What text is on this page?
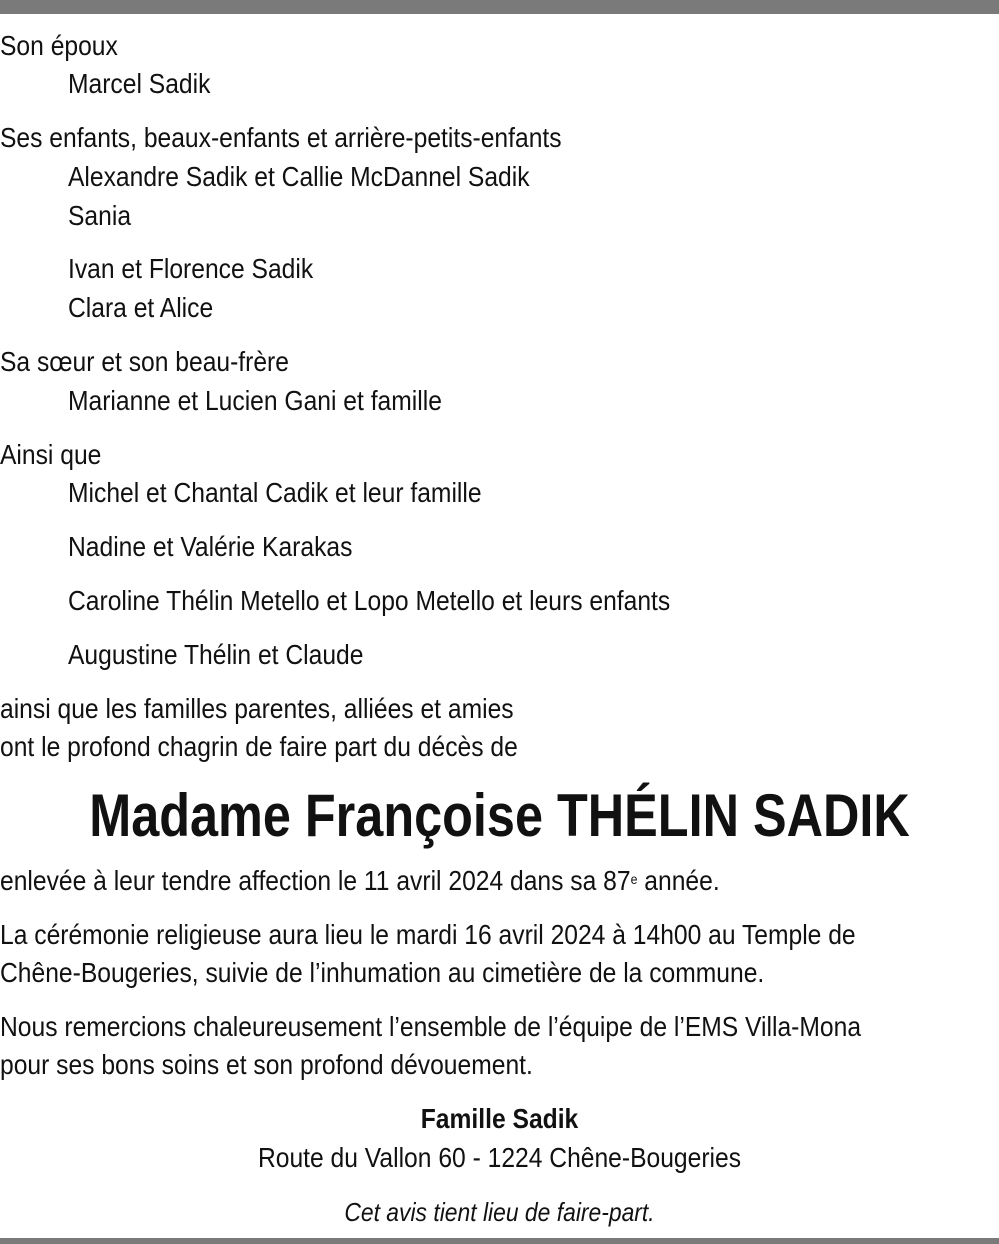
Son époux
Marcel Sadik
Ses enfants, beaux-enfants et arrière-petits-enfants
Alexandre Sadik et Callie McDannel Sadik
Sania
Ivan et Florence Sadik
Clara et Alice
Sa sœur et son beau-frère
Marianne et Lucien Gani et famille
Ainsi que
Michel et Chantal Cadik et leur famille
Nadine et Valérie Karakas
Caroline Thélin Metello et Lopo Metello et leurs enfants
Augustine Thélin et Claude
ainsi que les familles parentes, alliées et amies
ont le profond chagrin de faire part du décès de
Madame Françoise THÉLIN SADIK
enlevée à leur tendre affection le 11 avril 2024 dans sa 87e année.
La cérémonie religieuse aura lieu le mardi 16 avril 2024 à 14h00 au Temple de
Chêne-Bougeries, suivie de l’inhumation au cimetière de la commune.
Nous remercions chaleureusement l’ensemble de l’équipe de l’EMS Villa-Mona
pour ses bons soins et son profond dévouement.
Famille Sadik
Route du Vallon 60 - 1224 Chêne-Bougeries
Cet avis tient lieu de faire-part.
